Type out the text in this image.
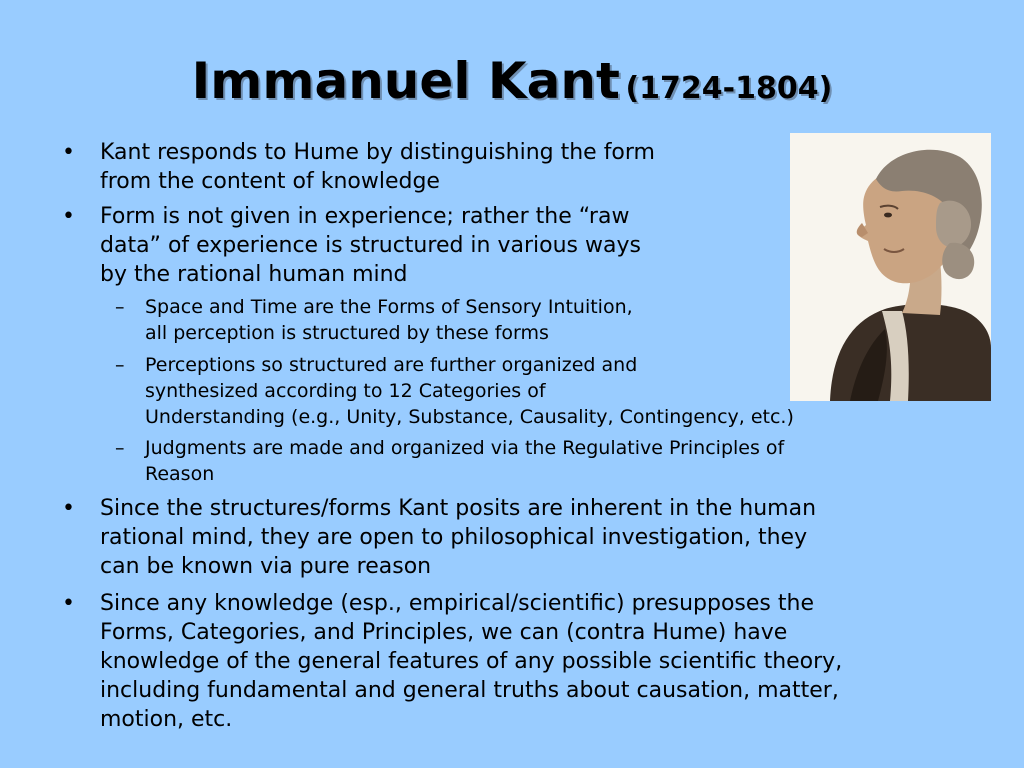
Immanuel Kant (1724-1804)
• Kant responds to Hume by distinguishing the form
from the content of knowledge
• Form is not given in experience; rather the “raw
data” of experience is structured in various ways
by the rational human mind
– Space and Time are the Forms of Sensory Intuition,
all perception is structured by these forms
– Perceptions so structured are further organized and
synthesized according to 12 Categories of
Understanding (e.g., Unity, Substance, Causality, Contingency, etc.)
– Judgments are made and organized via the Regulative Principles of
Reason
• Since the structures/forms Kant posits are inherent in the human
rational mind, they are open to philosophical investigation, they
can be known via pure reason
• Since any knowledge (esp., empirical/scientific) presupposes the
Forms, Categories, and Principles, we can (contra Hume) have
knowledge of the general features of any possible scientific theory,
including fundamental and general truths about causation, matter,
motion, etc.
